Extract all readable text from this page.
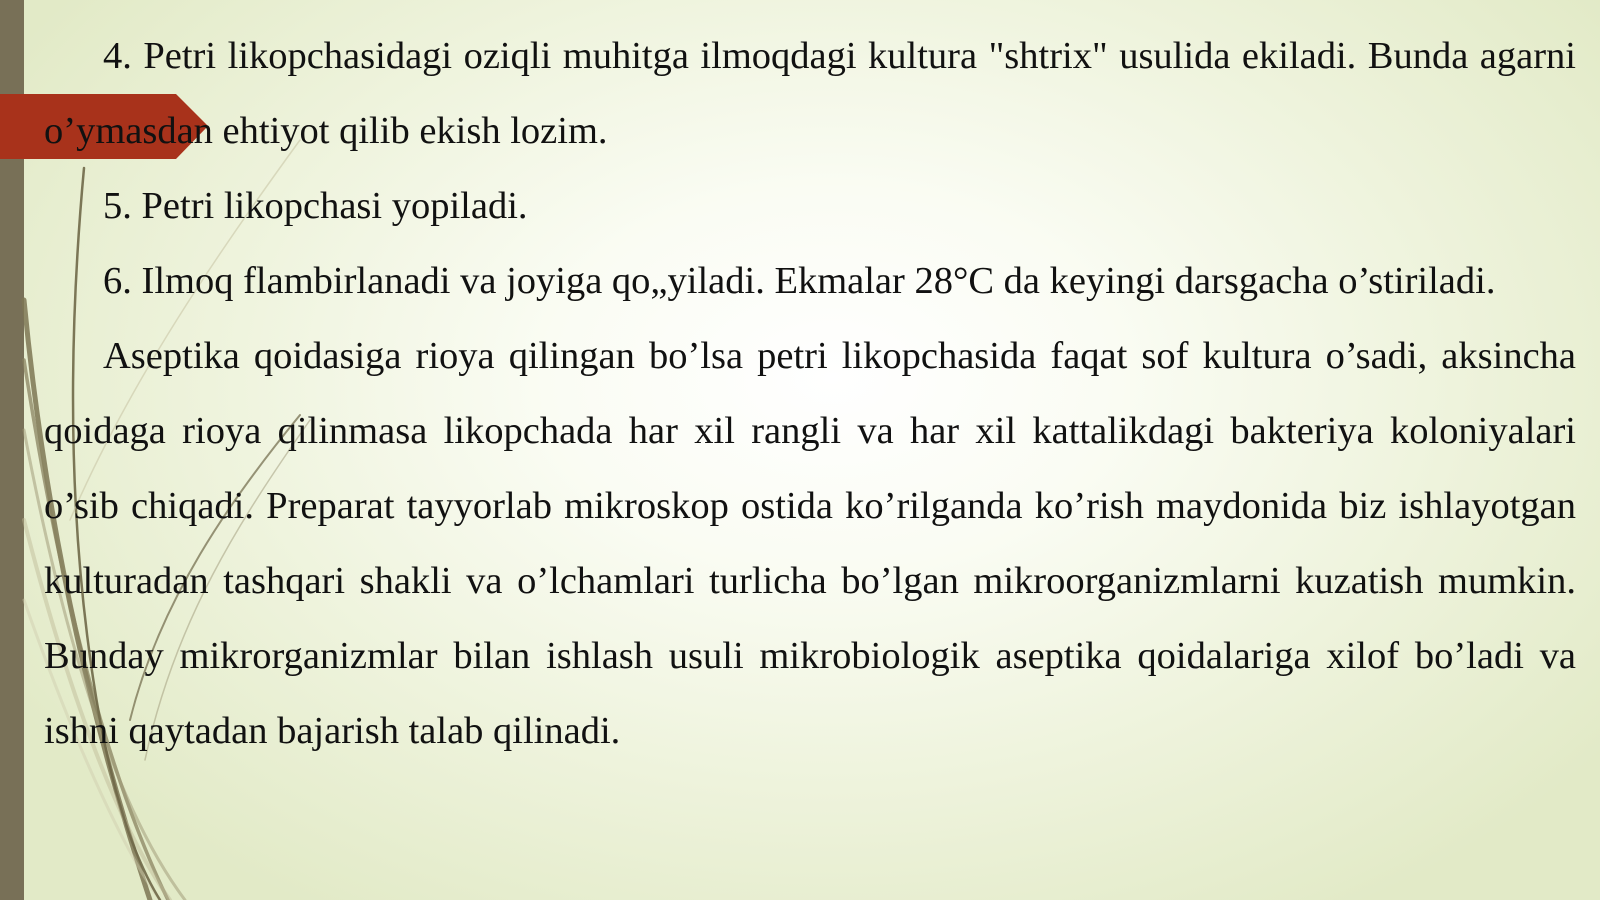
4. Petri likopchasidagi oziqli muhitga ilmoqdagi kultura "shtrix" usulida ekiladi. Bunda agarni o’ymasdan ehtiyot qilib ekish lozim.

5. Petri likopchasi yopiladi.

6. Ilmoq flambirlanadi va joyiga qo„yiladi. Ekmalar 28°C da keyingi darsgacha o’stiriladi.

Aseptika qoidasiga rioya qilingan bo’lsa petri likopchasida faqat sof kultura o’sadi, aksincha qoidaga rioya qilinmasa likopchada har xil rangli va har xil kattalikdagi bakteriya koloniyalari o’sib chiqadi. Preparat tayyorlab mikroskop ostida ko’rilganda ko’rish maydonida biz ishlayotgan kulturadan tashqari shakli va o’lchamlari turlicha bo’lgan mikroorganizmlarni kuzatish mumkin. Bunday mikrorganizmlar bilan ishlash usuli mikrobiologik aseptika qoidalariga xilof bo’ladi va ishni qaytadan bajarish talab qilinadi.
